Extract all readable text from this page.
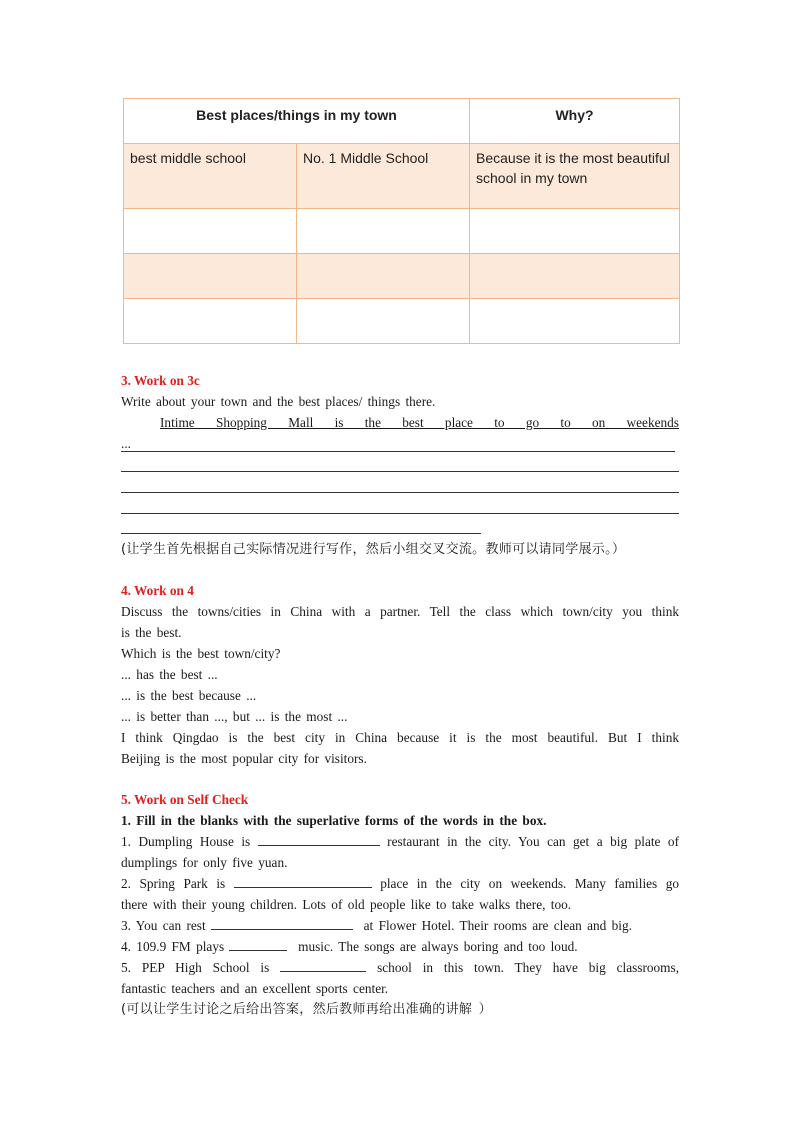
Best places/things in my town		Why?
best middle school	No. 1 Middle School	Because it is the most beautiful school in my town

3. Work on 3c
Write about your town and the best places/ things there.
Intime Shopping Mall is the best place to go to on weekends
...
(让学生首先根据自己实际情况进行写作，然后小组交叉交流。教师可以请同学展示。）
4. Work on 4
Discuss the towns/cities in China with a partner. Tell the class which town/city you think
is the best.
Which is the best town/city?
... has the best ...
... is the best because ...
... is better than ..., but ... is the most ...
I think Qingdao is the best city in China because it is the most beautiful. But I think
Beijing is the most popular city for visitors.
5. Work on Self Check
1. Fill in the blanks with the superlative forms of the words in the box.
1. Dumpling House is	restaurant in the city. You can get a big plate of
dumplings for only five yuan.
2. Spring Park is	place in the city on weekends. Many families go
there with their young children. Lots of old people like to take walks there, too.
3. You can rest	at Flower Hotel. Their rooms are clean and big.
4. 109.9 FM plays	music. The songs are always boring and too loud.
5. PEP High School is	school in this town. They have big classrooms,
fantastic teachers and an excellent sports center.
(可以让学生讨论之后给出答案，然后教师再给出准确的讲解 ）
